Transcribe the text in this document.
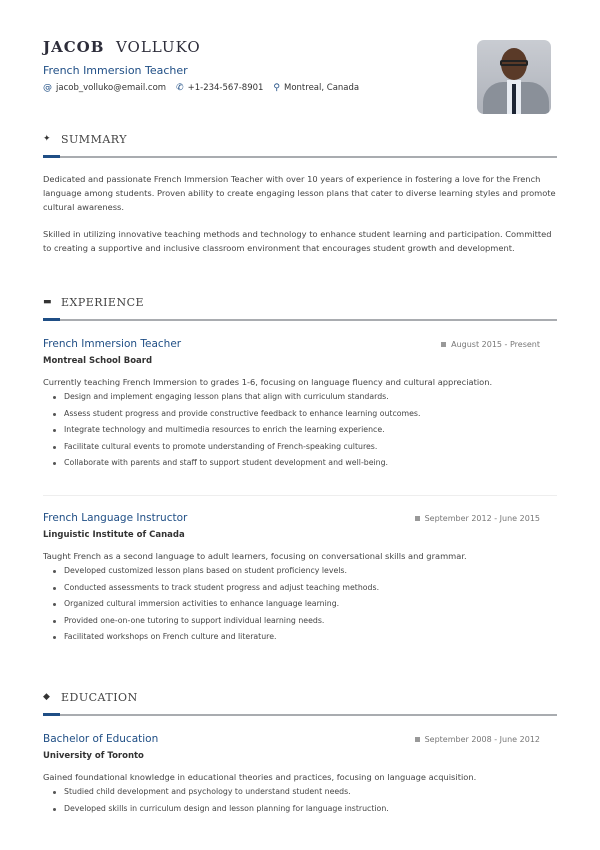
JACOB VOLLUKO
French Immersion Teacher
@ jacob_volluko@email.com ✆ +1-234-567-8901 ⚲ Montreal, Canada
✦ SUMMARY

Dedicated and passionate French Immersion Teacher with over 10 years of experience in fostering a love for the French language among students. Proven ability to create engaging lesson plans that cater to diverse learning styles and promote cultural awareness.

Skilled in utilizing innovative teaching methods and technology to enhance student learning and participation. Committed to creating a supportive and inclusive classroom environment that encourages student growth and development.

▬ EXPERIENCE
French Immersion Teacher	August 2015 - Present
Montreal School Board

Currently teaching French Immersion to grades 1-6, focusing on language fluency and cultural appreciation.

Design and implement engaging lesson plans that align with curriculum standards.
Assess student progress and provide constructive feedback to enhance learning outcomes.
Integrate technology and multimedia resources to enrich the learning experience.
Facilitate cultural events to promote understanding of French-speaking cultures.
Collaborate with parents and staff to support student development and well-being.
French Language Instructor	September 2012 - June 2015
Linguistic Institute of Canada

Taught French as a second language to adult learners, focusing on conversational skills and grammar.

Developed customized lesson plans based on student proficiency levels.
Conducted assessments to track student progress and adjust teaching methods.
Organized cultural immersion activities to enhance language learning.
Provided one-on-one tutoring to support individual learning needs.
Facilitated workshops on French culture and literature.
◆ EDUCATION
Bachelor of Education	September 2008 - June 2012
University of Toronto

Gained foundational knowledge in educational theories and practices, focusing on language acquisition.

Studied child development and psychology to understand student needs.
Developed skills in curriculum design and lesson planning for language instruction.
